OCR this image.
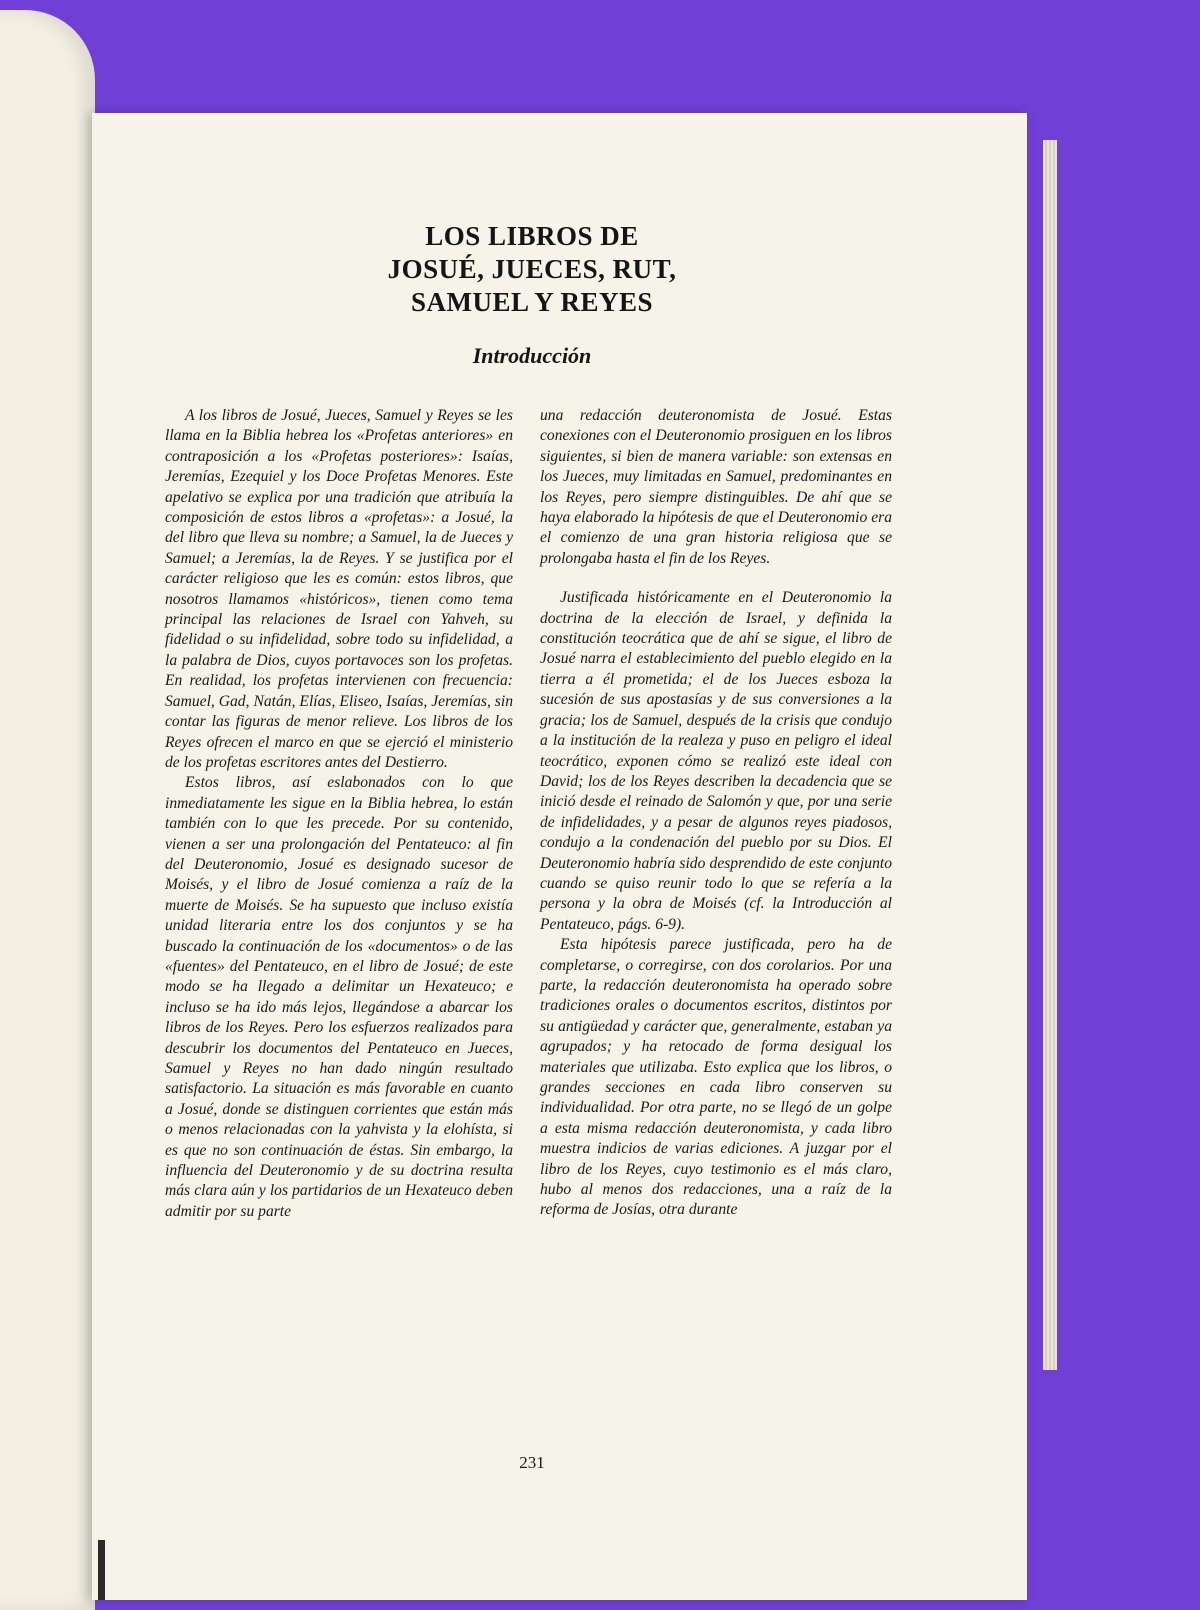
LOS LIBROS DE
JOSUÉ, JUECES, RUT,
SAMUEL Y REYES
Introducción

A los libros de Josué, Jueces, Samuel y Reyes se les llama en la Biblia hebrea los «Profetas anteriores» en contraposición a los «Profetas posteriores»: Isaías, Jeremías, Ezequiel y los Doce Profetas Menores. Este apelativo se explica por una tradición que atribuía la composición de estos libros a «profetas»: a Josué, la del libro que lleva su nombre; a Samuel, la de Jueces y Samuel; a Jeremías, la de Reyes. Y se justifica por el carácter religioso que les es común: estos libros, que nosotros llamamos «históricos», tienen como tema principal las relaciones de Israel con Yahveh, su fidelidad o su infidelidad, sobre todo su infidelidad, a la palabra de Dios, cuyos portavoces son los profetas. En realidad, los profetas intervienen con frecuencia: Samuel, Gad, Natán, Elías, Eliseo, Isaías, Jeremías, sin contar las figuras de menor relieve. Los libros de los Reyes ofrecen el marco en que se ejerció el ministerio de los profetas escritores antes del Destierro.

Estos libros, así eslabonados con lo que inmediatamente les sigue en la Biblia hebrea, lo están también con lo que les precede. Por su contenido, vienen a ser una prolongación del Pentateuco: al fin del Deuteronomio, Josué es designado sucesor de Moisés, y el libro de Josué comienza a raíz de la muerte de Moisés. Se ha supuesto que incluso existía unidad literaria entre los dos conjuntos y se ha buscado la continuación de los «documentos» o de las «fuentes» del Pentateuco, en el libro de Josué; de este modo se ha llegado a delimitar un Hexateuco; e incluso se ha ido más lejos, llegándose a abarcar los libros de los Reyes. Pero los esfuerzos realizados para descubrir los documentos del Pentateuco en Jueces, Samuel y Reyes no han dado ningún resultado satisfactorio. La situación es más favorable en cuanto a Josué, donde se distinguen corrientes que están más o menos relacionadas con la yahvista y la elohísta, si es que no son continuación de éstas. Sin embargo, la influencia del Deuteronomio y de su doctrina resulta más clara aún y los partidarios de un Hexateuco deben admitir por su parte

una redacción deuteronomista de Josué. Estas conexiones con el Deuteronomio prosiguen en los libros siguientes, si bien de manera variable: son extensas en los Jueces, muy limitadas en Samuel, predominantes en los Reyes, pero siempre distinguibles. De ahí que se haya elaborado la hipótesis de que el Deuteronomio era el comienzo de una gran historia religiosa que se prolongaba hasta el fin de los Reyes.

Justificada históricamente en el Deuteronomio la doctrina de la elección de Israel, y definida la constitución teocrática que de ahí se sigue, el libro de Josué narra el establecimiento del pueblo elegido en la tierra a él prometida; el de los Jueces esboza la sucesión de sus apostasías y de sus conversiones a la gracia; los de Samuel, después de la crisis que condujo a la institución de la realeza y puso en peligro el ideal teocrático, exponen cómo se realizó este ideal con David; los de los Reyes describen la decadencia que se inició desde el reinado de Salomón y que, por una serie de infidelidades, y a pesar de algunos reyes piadosos, condujo a la condenación del pueblo por su Dios. El Deuteronomio habría sido desprendido de este conjunto cuando se quiso reunir todo lo que se refería a la persona y la obra de Moisés (cf. la Introducción al Pentateuco, págs. 6-9).

Esta hipótesis parece justificada, pero ha de completarse, o corregirse, con dos corolarios. Por una parte, la redacción deuteronomista ha operado sobre tradiciones orales o documentos escritos, distintos por su antigüedad y carácter que, generalmente, estaban ya agrupados; y ha retocado de forma desigual los materiales que utilizaba. Esto explica que los libros, o grandes secciones en cada libro conserven su individualidad. Por otra parte, no se llegó de un golpe a esta misma redacción deuteronomista, y cada libro muestra indicios de varias ediciones. A juzgar por el libro de los Reyes, cuyo testimonio es el más claro, hubo al menos dos redacciones, una a raíz de la reforma de Josías, otra durante

231
